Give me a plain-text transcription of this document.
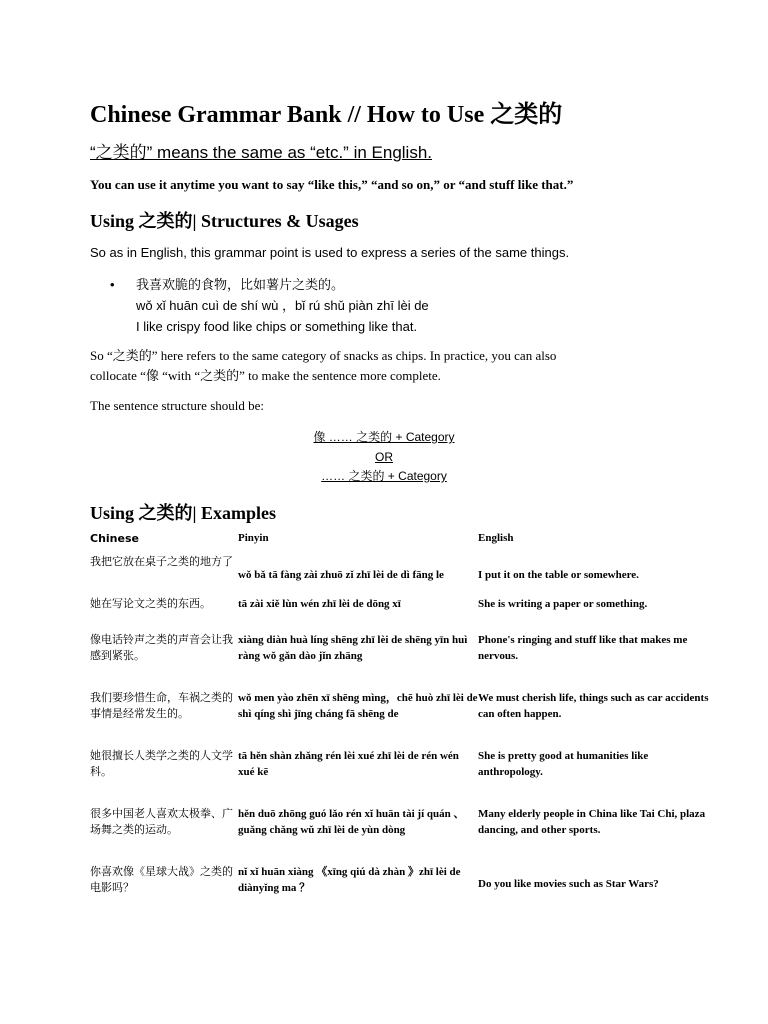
Chinese Grammar Bank // How to Use 之类的

“之类的” means the same as “etc.” in English.

You can use it anytime you want to say “like this,” “and so on,” or “and stuff like that.”

Using 之类的| Structures & Usages

So as in English, this grammar point is used to express a series of the same things.

• 我喜欢脆的食物，比如薯片之类的。
wǒ xǐ huān cuì de shí wù ，bǐ rú shǔ piàn zhī lèi de
I like crispy food like chips or something like that.

So “之类的” here refers to the same category of snacks as chips. In practice, you can also

collocate “像 “with “之类的” to make the sentence more complete.

The sentence structure should be:

像 …… 之类的 + Category
OR
…… 之类的 + Category
Using 之类的| Examples
Chinese	Pinyin	English
我把它放在桌子之类的地方了	wǒ bǎ tā fàng zài zhuō zǐ zhī lèi de dì fāng le	I put it on the table or somewhere.
她在写论文之类的东西。	tā zài xiě lùn wén zhī lèi de dōng xī	She is writing a paper or something.
像电话铃声之类的声音会让我感到紧张。	xiàng diàn huà líng shēng zhī lèi de shēng yīn huì ràng wǒ gǎn dào jǐn zhāng	Phone's ringing and stuff like that makes me nervous.
我们要珍惜生命，车祸之类的事情是经常发生的。	wǒ men yào zhēn xī shēng mìng，chē huò zhī lèi de shì qíng shì jīng cháng fā shēng de	We must cherish life, things such as car accidents can often happen.
她很擅长人类学之类的人文学科。	tā hěn shàn zhǎng rén lèi xué zhī lèi de rén wén xué kē	She is pretty good at humanities like anthropology.
很多中国老人喜欢太极拳、广场舞之类的运动。	hěn duō zhōng guó lǎo rén xǐ huān tài jí quán 、guǎng chǎng wǔ zhī lèi de yùn dòng	Many elderly people in China like Tai Chi, plaza dancing, and other sports.
你喜欢像《星球大战》之类的电影吗？	nǐ xǐ huān xiàng 《xīng qiú dà zhàn 》zhī lèi de diànyǐng ma ？	Do you like movies such as Star Wars?
